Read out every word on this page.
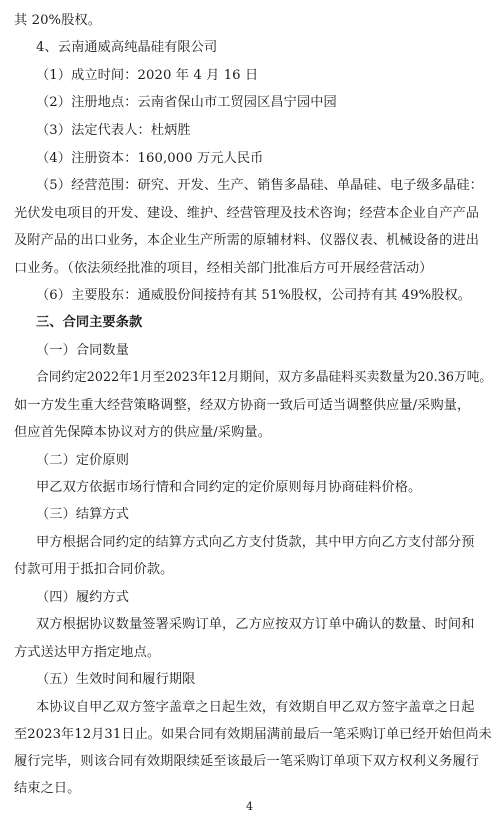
其 20%股权。
4、云南通威高纯晶硅有限公司
（1）成立时间：2020 年 4 月 16 日
（2）注册地点：云南省保山市工贸园区昌宁园中园
（3）法定代表人：杜炳胜
（4）注册资本：160,000 万元人民币
（5）经营范围：研究、开发、生产、销售多晶硅、单晶硅、电子级多晶硅：
光伏发电项目的开发、建设、维护、经营管理及技术咨询；经营本企业自产产品
及附产品的出口业务，本企业生产所需的原辅材料、仪器仪表、机械设备的进出
口业务。（依法须经批准的项目，经相关部门批准后方可开展经营活动）
（6）主要股东：通威股份间接持有其 51%股权，公司持有其 49%股权。
三、合同主要条款
（一）合同数量
合同约定2022年1月至2023年12月期间，双方多晶硅料买卖数量为20.36万吨。
如一方发生重大经营策略调整，经双方协商一致后可适当调整供应量/采购量，
但应首先保障本协议对方的供应量/采购量。
（二）定价原则
甲乙双方依据市场行情和合同约定的定价原则每月协商硅料价格。
（三）结算方式
甲方根据合同约定的结算方式向乙方支付货款，其中甲方向乙方支付部分预
付款可用于抵扣合同价款。
（四）履约方式
双方根据协议数量签署采购订单，乙方应按双方订单中确认的数量、时间和
方式送达甲方指定地点。
（五）生效时间和履行期限
本协议自甲乙双方签字盖章之日起生效，有效期自甲乙双方签字盖章之日起
至2023年12月31日止。如果合同有效期届满前最后一笔采购订单已经开始但尚未
履行完毕，则该合同有效期限续延至该最后一笔采购订单项下双方权利义务履行
结束之日。
4
